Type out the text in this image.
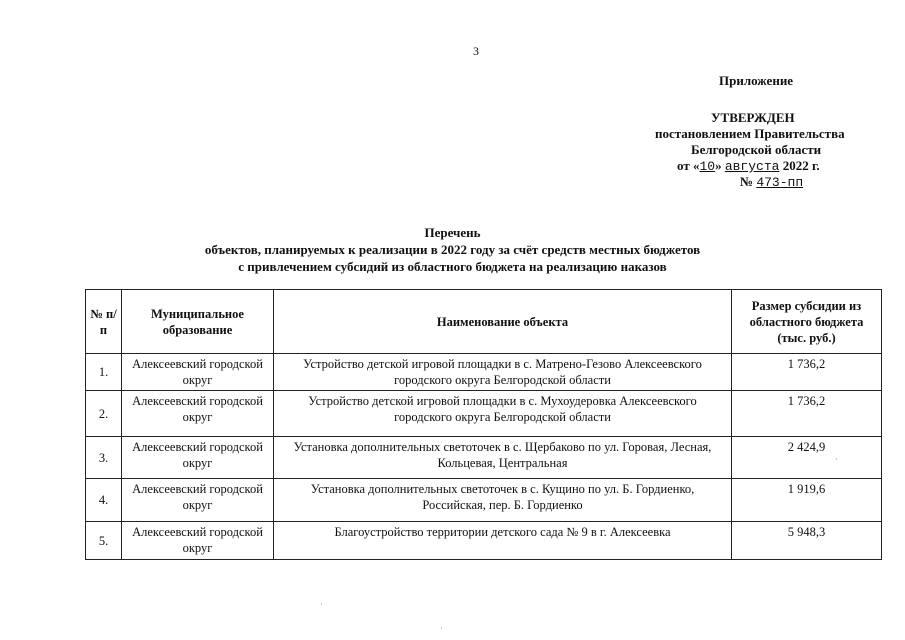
3
Приложение
УТВЕРЖДЕН
постановлением Правительства
Белгородской области
от «10» августа 2022 г.
№ 473-пп
Перечень
объектов, планируемых к реализации в 2022 году за счёт средств местных бюджетов
с привлечением субсидий из областного бюджета на реализацию наказов
№ п/п	Муниципальное образование	Наименование объекта	Размер субсидии из областного бюджета (тыс. руб.)
1.	Алексеевский городской округ	Устройство детской игровой площадки в с. Матрено-Гезово Алексеевского городского округа Белгородской области	1 736,2
2.	Алексеевский городской округ	Устройство детской игровой площадки в с. Мухоудеровка Алексеевского городского округа Белгородской области	1 736,2
3.	Алексеевский городской округ	Установка дополнительных светоточек в с. Щербаково по ул. Горовая, Лесная, Кольцевая, Центральная	2 424,9
4.	Алексеевский городской округ	Установка дополнительных светоточек в с. Кущино по ул. Б. Гордиенко, Российская, пер. Б. Гордиенко	1 919,6
5.	Алексеевский городской округ	Благоустройство территории детского сада № 9 в г. Алексеевка	5 948,3
·
·
·
